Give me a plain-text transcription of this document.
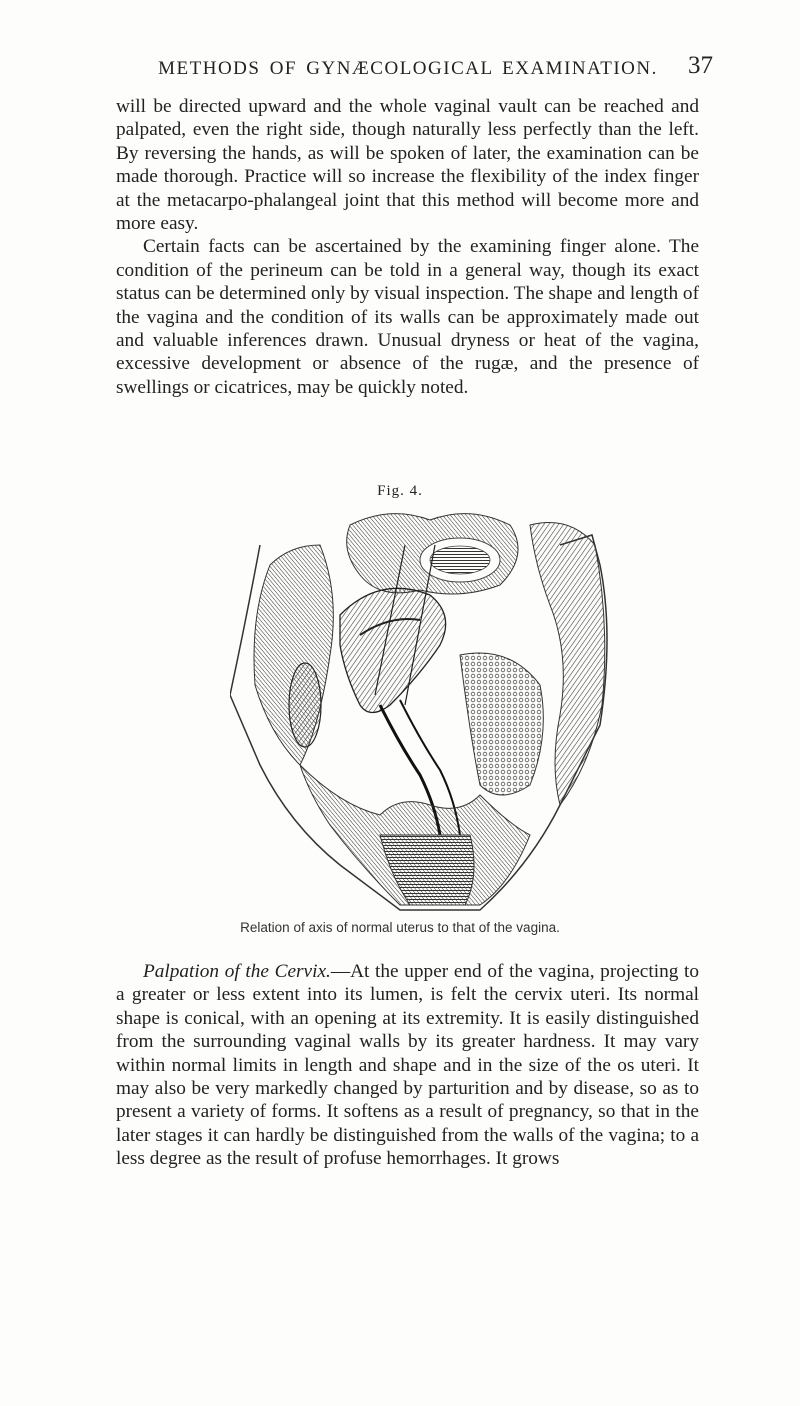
METHODS OF GYNÆCOLOGICAL EXAMINATION.	37

will be directed upward and the whole vaginal vault can be reached and palpated, even the right side, though naturally less perfectly than the left. By reversing the hands, as will be spoken of later, the examination can be made thorough. Practice will so increase the flexibility of the index finger at the metacarpo-phalangeal joint that this method will become more and more easy.

Certain facts can be ascertained by the examining finger alone. The condition of the perineum can be told in a general way, though its exact status can be determined only by visual inspection. The shape and length of the vagina and the condition of its walls can be approximately made out and valuable inferences drawn. Unusual dryness or heat of the vagina, excessive development or absence of the rugæ, and the presence of swellings or cicatrices, may be quickly noted.

Fig. 4.
Relation of axis of normal uterus to that of the vagina.

Palpation of the Cervix.—At the upper end of the vagina, projecting to a greater or less extent into its lumen, is felt the cervix uteri. Its normal shape is conical, with an opening at its extremity. It is easily distinguished from the surrounding vaginal walls by its greater hardness. It may vary within normal limits in length and shape and in the size of the os uteri. It may also be very markedly changed by parturition and by disease, so as to present a variety of forms. It softens as a result of pregnancy, so that in the later stages it can hardly be distinguished from the walls of the vagina; to a less degree as the result of profuse hemorrhages. It grows
